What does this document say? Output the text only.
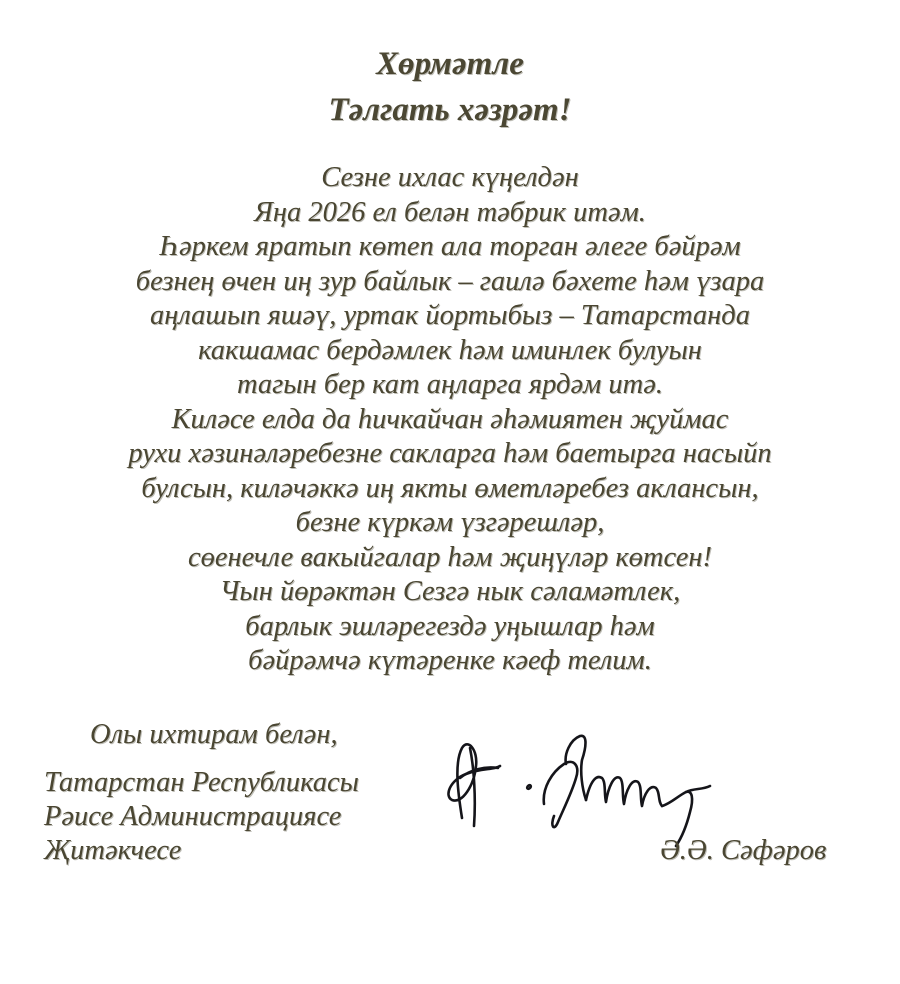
Хөрмәтле
Тәлгать хәзрәт!
Сезне ихлас күңелдән
Яңа 2026 ел белән тәбрик итәм.
Һәркем яратып көтеп ала торган әлеге бәйрәм
безнең өчен иң зур байлык – гаилә бәхете һәм үзара
аңлашып яшәү, уртак йортыбыз – Татарстанда
какшамас бердәмлек һәм иминлек булуын
тагын бер кат аңларга ярдәм итә.
Киләсе елда да һичкайчан әһәмиятен җуймас
рухи хәзинәләребезне сакларга һәм баетырга насыйп
булсын, киләчәккә иң якты өметләребез аклансын,
безне күркәм үзгәрешләр,
сөенечле вакыйгалар һәм җиңүләр көтсен!
Чын йөрәктән Сезгә нык сәламәтлек,
барлык эшләрегездә уңышлар һәм
бәйрәмчә күтәренке кәеф телим.
Олы ихтирам белән,
Татарстан Республикасы
Рәисе Администрациясе
Җитәкчесе	Ә.Ә. Сәфәров
